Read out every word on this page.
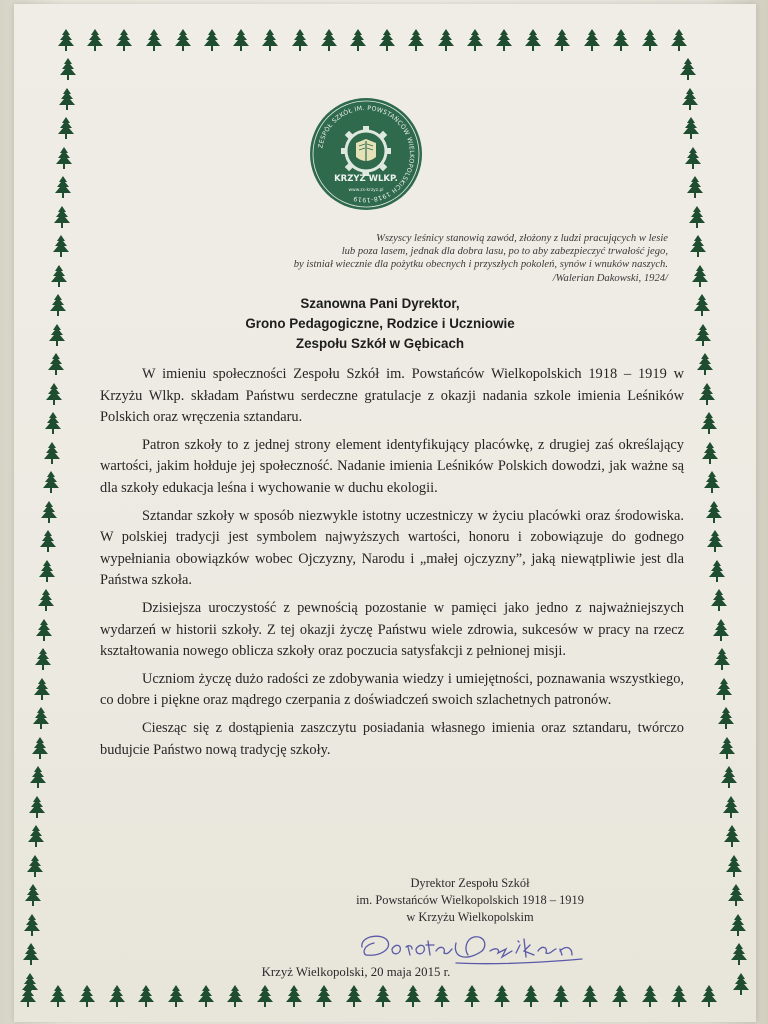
ZESPÓŁ SZKÓŁ IM. POWSTAŃCÓW WIELKOPOLSKICH 1918-1919
KRZYŻ WLKP.
www.zs-krzyz.pl
Wszyscy leśnicy stanowią zawód, złożony z ludzi pracujących w lesie
lub poza lasem, jednak dla dobra lasu, po to aby zabezpieczyć trwałość jego,
by istniał wiecznie dla pożytku obecnych i przyszłych pokoleń, synów i wnuków naszych.
/Walerian Dakowski, 1924/
Szanowna Pani Dyrektor,
Grono Pedagogiczne, Rodzice i Uczniowie
Zespołu Szkół w Gębicach

W imieniu społeczności Zespołu Szkół im. Powstańców Wielkopolskich 1918 – 1919 w Krzyżu Wlkp. składam Państwu serdeczne gratulacje z okazji nadania szkole imienia Leśników Polskich oraz wręczenia sztandaru.

Patron szkoły to z jednej strony element identyfikujący placówkę, z drugiej zaś określający wartości, jakim hołduje jej społeczność. Nadanie imienia Leśników Polskich dowodzi, jak ważne są dla szkoły edukacja leśna i wychowanie w duchu ekologii.

Sztandar szkoły w sposób niezwykle istotny uczestniczy w życiu placówki oraz środowiska. W polskiej tradycji jest symbolem najwyższych wartości, honoru i zobowiązuje do godnego wypełniania obowiązków wobec Ojczyzny, Narodu i „małej ojczyzny”, jaką niewątpliwie jest dla Państwa szkoła.

Dzisiejsza uroczystość z pewnością pozostanie w pamięci jako jedno z najważniejszych wydarzeń w historii szkoły. Z tej okazji życzę Państwu wiele zdrowia, sukcesów w pracy na rzecz kształtowania nowego oblicza szkoły oraz poczucia satysfakcji z pełnionej misji.

Uczniom życzę dużo radości ze zdobywania wiedzy i umiejętności, poznawania wszystkiego, co dobre i piękne oraz mądrego czerpania z doświadczeń swoich szlachetnych patronów.

Ciesząc się z dostąpienia zaszczytu posiadania własnego imienia oraz sztandaru, twórczo budujcie Państwo nową tradycję szkoły.

Dyrektor Zespołu Szkół
im. Powstańców Wielkopolskich 1918 – 1919
w Krzyżu Wielkopolskim
Krzyż Wielkopolski, 20 maja 2015 r.
